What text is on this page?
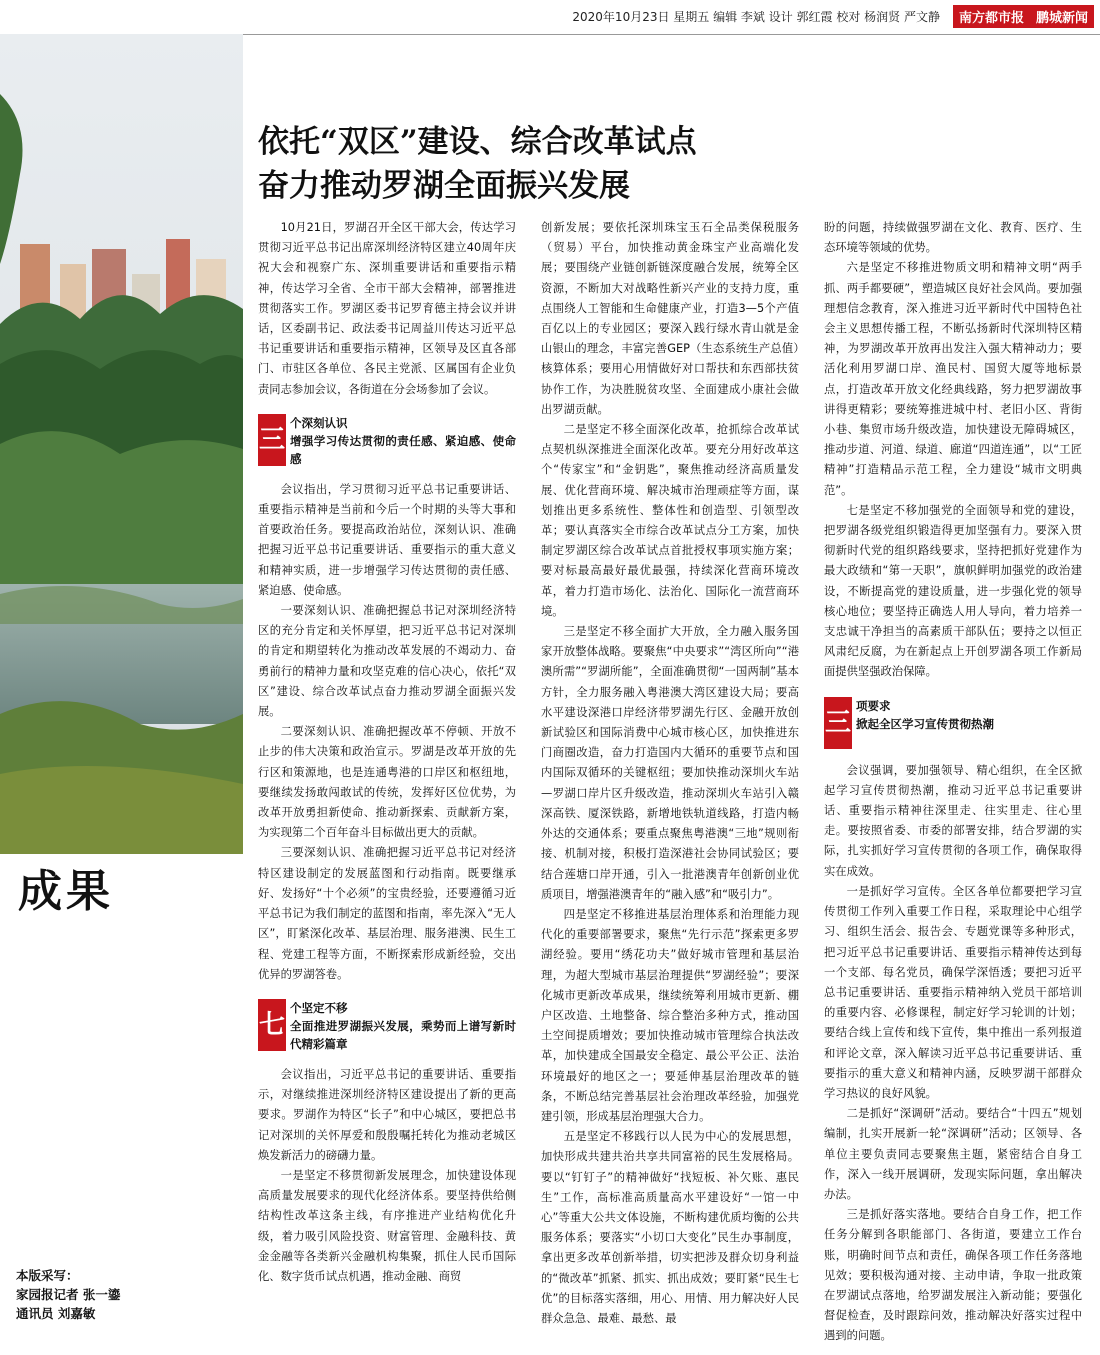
2020年10月23日 星期五 编辑 李斌 设计 郭红霞 校对 杨润贤 严文静	南方都市报 鹏城新闻
成果
本版采写：
家园报记者 张一鎏
通讯员 刘嘉敏
依托“双区”建设、综合改革试点
奋力推动罗湖全面振兴发展

10月21日，罗湖召开全区干部大会，传达学习贯彻习近平总书记出席深圳经济特区建立40周年庆祝大会和视察广东、深圳重要讲话和重要指示精神，传达学习全省、全市干部大会精神，部署推进贯彻落实工作。罗湖区委书记罗育德主持会议并讲话，区委副书记、政法委书记周益川传达习近平总书记重要讲话和重要指示精神，区领导及区直各部门、市驻区各单位、各民主党派、区属国有企业负责同志参加会议，各街道在分会场参加了会议。

三
个深刻认识
增强学习传达贯彻的责任感、紧迫感、使命感

会议指出，学习贯彻习近平总书记重要讲话、重要指示精神是当前和今后一个时期的头等大事和首要政治任务。要提高政治站位，深刻认识、准确把握习近平总书记重要讲话、重要指示的重大意义和精神实质，进一步增强学习传达贯彻的责任感、紧迫感、使命感。

一要深刻认识、准确把握总书记对深圳经济特区的充分肯定和关怀厚望，把习近平总书记对深圳的肯定和期望转化为推动改革发展的不竭动力、奋勇前行的精神力量和攻坚克难的信心决心，依托“双区”建设、综合改革试点奋力推动罗湖全面振兴发展。

二要深刻认识、准确把握改革不停顿、开放不止步的伟大决策和政治宣示。罗湖是改革开放的先行区和策源地，也是连通粤港的口岸区和枢纽地，要继续发扬敢闯敢试的传统，发挥好区位优势，为改革开放勇担新使命、推动新探索、贡献新方案，为实现第二个百年奋斗目标做出更大的贡献。

三要深刻认识、准确把握习近平总书记对经济特区建设制定的发展蓝图和行动指南。既要继承好、发扬好“十个必须”的宝贵经验，还要遵循习近平总书记为我们制定的蓝图和指南，率先深入“无人区”，盯紧深化改革、基层治理、服务港澳、民生工程、党建工程等方面，不断探索形成新经验，交出优异的罗湖答卷。

七
个坚定不移
全面推进罗湖振兴发展，乘势而上谱写新时代精彩篇章

会议指出，习近平总书记的重要讲话、重要指示，对继续推进深圳经济特区建设提出了新的更高要求。罗湖作为特区“长子”和中心城区，要把总书记对深圳的关怀厚爱和殷殷嘱托转化为推动老城区焕发新活力的磅礴力量。

一是坚定不移贯彻新发展理念，加快建设体现高质量发展要求的现代化经济体系。要坚持供给侧结构性改革这条主线，有序推进产业结构优化升级，着力吸引风险投资、财富管理、金融科技、黄金金融等各类新兴金融机构集聚，抓住人民币国际化、数字货币试点机遇，推动金融、商贸

创新发展；要依托深圳珠宝玉石全品类保税服务（贸易）平台，加快推动黄金珠宝产业高端化发展；要围绕产业链创新链深度融合发展，统筹全区资源，不断加大对战略性新兴产业的支持力度，重点围绕人工智能和生命健康产业，打造3—5个产值百亿以上的专业园区；要深入践行绿水青山就是金山银山的理念，丰富完善GEP（生态系统生产总值）核算体系；要用心用情做好对口帮扶和东西部扶贫协作工作，为决胜脱贫攻坚、全面建成小康社会做出罗湖贡献。

二是坚定不移全面深化改革，抢抓综合改革试点契机纵深推进全面深化改革。要充分用好改革这个“传家宝”和“金钥匙”，聚焦推动经济高质量发展、优化营商环境、解决城市治理顽症等方面，谋划推出更多系统性、整体性和创造型、引领型改革；要认真落实全市综合改革试点分工方案，加快制定罗湖区综合改革试点首批授权事项实施方案；要对标最高最好最优最强，持续深化营商环境改革，着力打造市场化、法治化、国际化一流营商环境。

三是坚定不移全面扩大开放，全力融入服务国家开放整体战略。要聚焦“中央要求”“湾区所向”“港澳所需”“罗湖所能”，全面准确贯彻“一国两制”基本方针，全力服务融入粤港澳大湾区建设大局；要高水平建设深港口岸经济带罗湖先行区、金融开放创新试验区和国际消费中心城市核心区，加快推进东门商圈改造，奋力打造国内大循环的重要节点和国内国际双循环的关键枢纽；要加快推动深圳火车站—罗湖口岸片区升级改造，推动深圳火车站引入赣深高铁、厦深铁路，新增地铁轨道线路，打造内畅外达的交通体系；要重点聚焦粤港澳“三地”规则衔接、机制对接，积极打造深港社会协同试验区；要结合莲塘口岸开通，引入一批港澳青年创新创业优质项目，增强港澳青年的“融入感”和“吸引力”。

四是坚定不移推进基层治理体系和治理能力现代化的重要部署要求，聚焦“先行示范”探索更多罗湖经验。要用“绣花功夫”做好城市管理和基层治理，为超大型城市基层治理提供“罗湖经验”；要深化城市更新改革成果，继续统筹利用城市更新、棚户区改造、土地整备、综合整治多种方式，推动国土空间提质增效；要加快推动城市管理综合执法改革，加快建成全国最安全稳定、最公平公正、法治环境最好的地区之一；要延伸基层治理改革的链条，不断总结完善基层社会治理改革经验，加强党建引领，形成基层治理强大合力。

五是坚定不移践行以人民为中心的发展思想，加快形成共建共治共享共同富裕的民生发展格局。要以“钉钉子”的精神做好“找短板、补欠账、惠民生”工作，高标准高质量高水平建设好“一馆一中心”等重大公共文体设施，不断构建优质均衡的公共服务体系；要落实“小切口大变化”民生办事制度，拿出更多改革创新举措，切实把涉及群众切身利益的“微改革”抓紧、抓实、抓出成效；要盯紧“民生七优”的目标落实落细，用心、用情、用力解决好人民群众急急、最难、最愁、最

盼的问题，持续做强罗湖在文化、教育、医疗、生态环境等领域的优势。

六是坚定不移推进物质文明和精神文明“两手抓、两手都要硬”，塑造城区良好社会风尚。要加强理想信念教育，深入推进习近平新时代中国特色社会主义思想传播工程，不断弘扬新时代深圳特区精神，为罗湖改革开放再出发注入强大精神动力；要活化利用罗湖口岸、渔民村、国贸大厦等地标景点，打造改革开放文化经典线路，努力把罗湖故事讲得更精彩；要统筹推进城中村、老旧小区、背街小巷、集贸市场升级改造，加快建设无障碍城区，推动步道、河道、绿道、廊道“四道连通”，以“工匠精神”打造精品示范工程，全力建设“城市文明典范”。

七是坚定不移加强党的全面领导和党的建设，把罗湖各级党组织锻造得更加坚强有力。要深入贯彻新时代党的组织路线要求，坚持把抓好党建作为最大政绩和“第一天职”，旗帜鲜明加强党的政治建设，不断提高党的建设质量，进一步强化党的领导核心地位；要坚持正确选人用人导向，着力培养一支忠诚干净担当的高素质干部队伍；要持之以恒正风肃纪反腐，为在新起点上开创罗湖各项工作新局面提供坚强政治保障。

三
项要求
掀起全区学习宣传贯彻热潮

会议强调，要加强领导、精心组织，在全区掀起学习宣传贯彻热潮，推动习近平总书记重要讲话、重要指示精神往深里走、往实里走、往心里走。要按照省委、市委的部署安排，结合罗湖的实际，扎实抓好学习宣传贯彻的各项工作，确保取得实在成效。

一是抓好学习宣传。全区各单位都要把学习宣传贯彻工作列入重要工作日程，采取理论中心组学习、组织生活会、报告会、专题党课等多种形式，把习近平总书记重要讲话、重要指示精神传达到每一个支部、每名党员，确保学深悟透；要把习近平总书记重要讲话、重要指示精神纳入党员干部培训的重要内容、必修课程，制定好学习轮训的计划；要结合线上宣传和线下宣传，集中推出一系列报道和评论文章，深入解读习近平总书记重要讲话、重要指示的重大意义和精神内涵，反映罗湖干部群众学习热议的良好风貌。

二是抓好“深调研”活动。要结合“十四五”规划编制，扎实开展新一轮“深调研”活动；区领导、各单位主要负责同志要聚焦主题，紧密结合自身工作，深入一线开展调研，发现实际问题，拿出解决办法。

三是抓好落实落地。要结合自身工作，把工作任务分解到各职能部门、各街道，要建立工作台账，明确时间节点和责任，确保各项工作任务落地见效；要积极沟通对接、主动申请，争取一批政策在罗湖试点落地，给罗湖发展注入新动能；要强化督促检查，及时跟踪问效，推动解决好落实过程中遇到的问题。
